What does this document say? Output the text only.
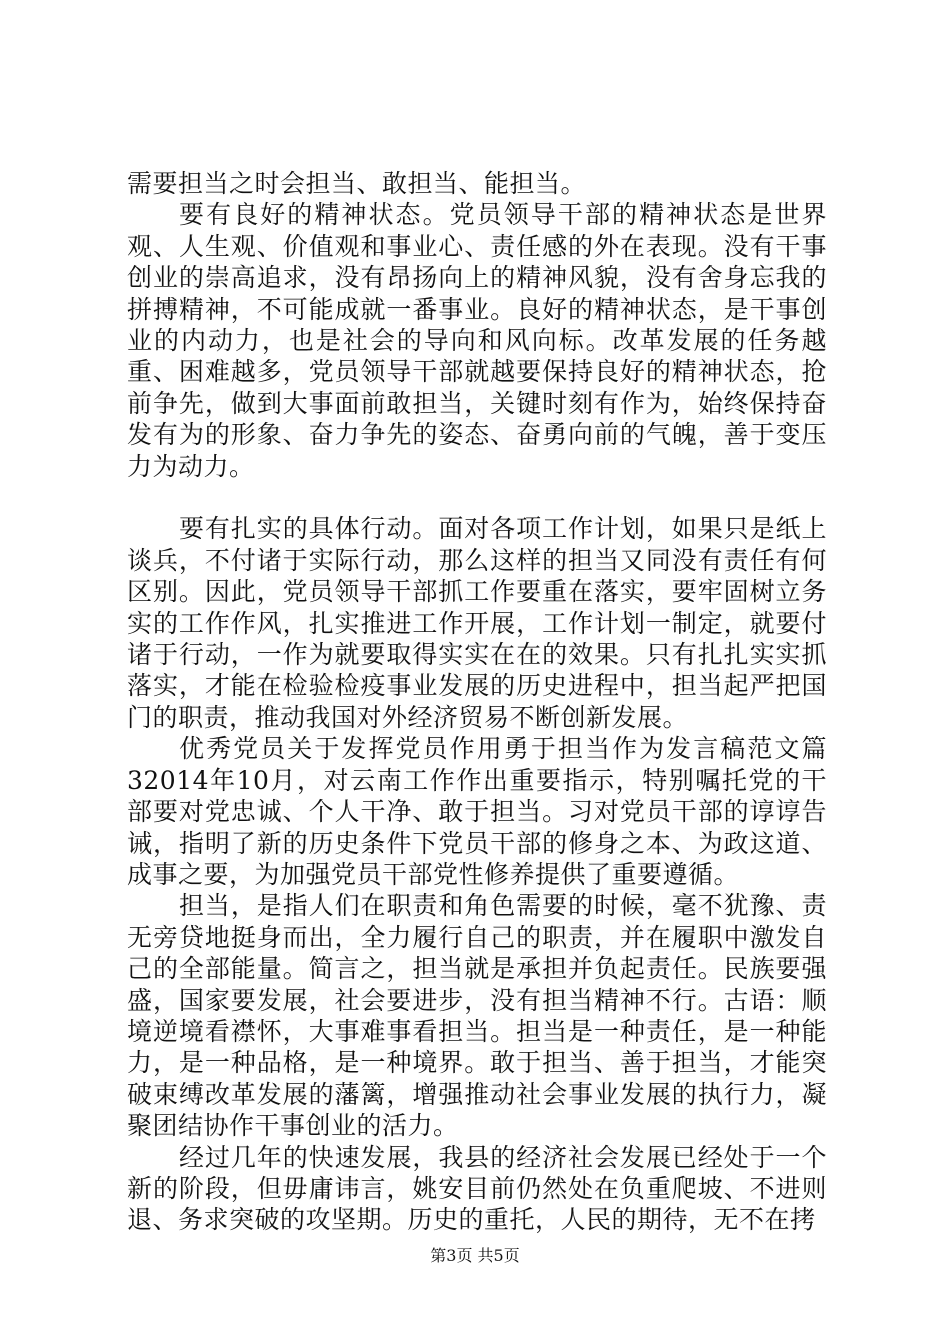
需要担当之时会担当、敢担当、能担当。

要有良好的精神状态。党员领导干部的精神状态是世界观、人生观、价值观和事业心、责任感的外在表现。没有干事创业的崇高追求，没有昂扬向上的精神风貌，没有舍身忘我的拼搏精神，不可能成就一番事业。良好的精神状态，是干事创业的内动力，也是社会的导向和风向标。改革发展的任务越重、困难越多，党员领导干部就越要保持良好的精神状态，抢前争先，做到大事面前敢担当，关键时刻有作为，始终保持奋发有为的形象、奋力争先的姿态、奋勇向前的气魄，善于变压力为动力。

要有扎实的具体行动。面对各项工作计划，如果只是纸上谈兵，不付诸于实际行动，那么这样的担当又同没有责任有何区别。因此，党员领导干部抓工作要重在落实，要牢固树立务实的工作作风，扎实推进工作开展，工作计划一制定，就要付诸于行动，一作为就要取得实实在在的效果。只有扎扎实实抓落实，才能在检验检疫事业发展的历史进程中，担当起严把国门的职责，推动我国对外经济贸易不断创新发展。

优秀党员关于发挥党员作用勇于担当作为发言稿范文篇32014年10月，对云南工作作出重要指示，特别嘱托党的干部要对党忠诚、个人干净、敢于担当。习对党员干部的谆谆告诫，指明了新的历史条件下党员干部的修身之本、为政这道、成事之要，为加强党员干部党性修养提供了重要遵循。

担当，是指人们在职责和角色需要的时候，毫不犹豫、责无旁贷地挺身而出，全力履行自己的职责，并在履职中激发自己的全部能量。简言之，担当就是承担并负起责任。民族要强盛，国家要发展，社会要进步，没有担当精神不行。古语：顺境逆境看襟怀，大事难事看担当。担当是一种责任，是一种能力，是一种品格，是一种境界。敢于担当、善于担当，才能突破束缚改革发展的藩篱，增强推动社会事业发展的执行力，凝聚团结协作干事创业的活力。

经过几年的快速发展，我县的经济社会发展已经处于一个新的阶段，但毋庸讳言，姚安目前仍然处在负重爬坡、不进则退、务求突破的攻坚期。历史的重托，人民的期待，无不在拷

第3页 共5页
